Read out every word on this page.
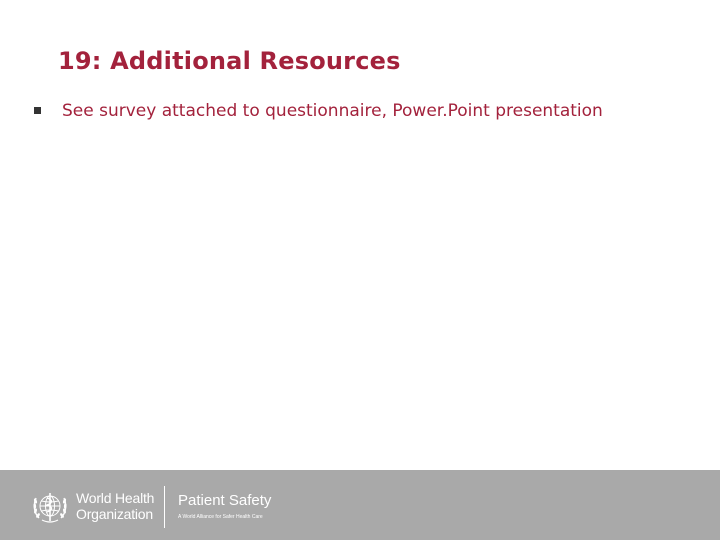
19: Additional Resources
See survey attached to questionnaire, Power.Point presentation
World Health
Organization
Patient Safety
A World Alliance for Safer Health Care
